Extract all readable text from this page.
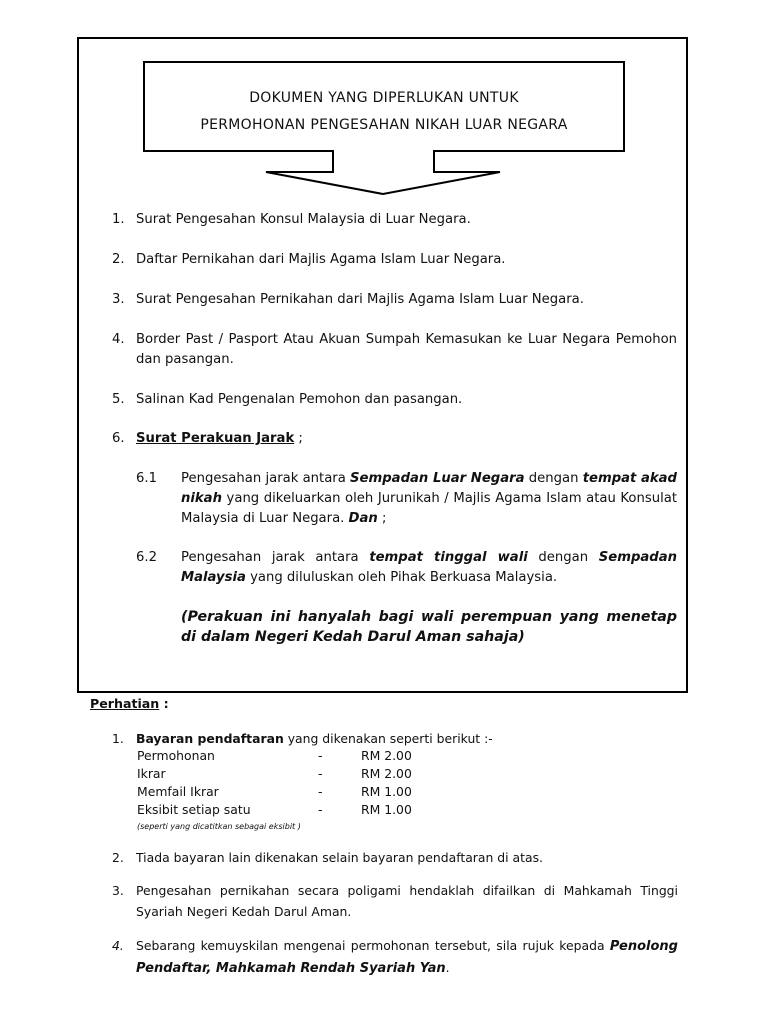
DOKUMEN YANG DIPERLUKAN UNTUK
PERMOHONAN PENGESAHAN NIKAH LUAR NEGARA
1. Surat Pengesahan Konsul Malaysia di Luar Negara.
2. Daftar Pernikahan dari Majlis Agama Islam Luar Negara.
3. Surat Pengesahan Pernikahan dari Majlis Agama Islam Luar Negara.
4. Border Past / Pasport Atau Akuan Sumpah Kemasukan ke Luar Negara Pemohon dan pasangan.
5. Salinan Kad Pengenalan Pemohon dan pasangan.
6. Surat Perakuan Jarak ;
6.1 Pengesahan jarak antara Sempadan Luar Negara dengan tempat akad nikah yang dikeluarkan oleh Jurunikah / Majlis Agama Islam atau Konsulat Malaysia di Luar Negara. Dan ;
6.2 Pengesahan jarak antara tempat tinggal wali dengan Sempadan Malaysia yang diluluskan oleh Pihak Berkuasa Malaysia.
(Perakuan ini hanyalah bagi wali perempuan yang menetap di dalam Negeri Kedah Darul Aman sahaja)
Perhatian :
1. Bayaran pendaftaran yang dikenakan seperti berikut :-
Permohonan	-	RM 2.00
Ikrar	-	RM 2.00
Memfail Ikrar	-	RM 1.00
Eksibit setiap satu	-	RM 1.00
(seperti yang dicatitkan sebagai eksibit )
2. Tiada bayaran lain dikenakan selain bayaran pendaftaran di atas.
3. Pengesahan pernikahan secara poligami hendaklah difailkan di Mahkamah Tinggi Syariah Negeri Kedah Darul Aman.
4. Sebarang kemuyskilan mengenai permohonan tersebut, sila rujuk kepada Penolong Pendaftar, Mahkamah Rendah Syariah Yan.
